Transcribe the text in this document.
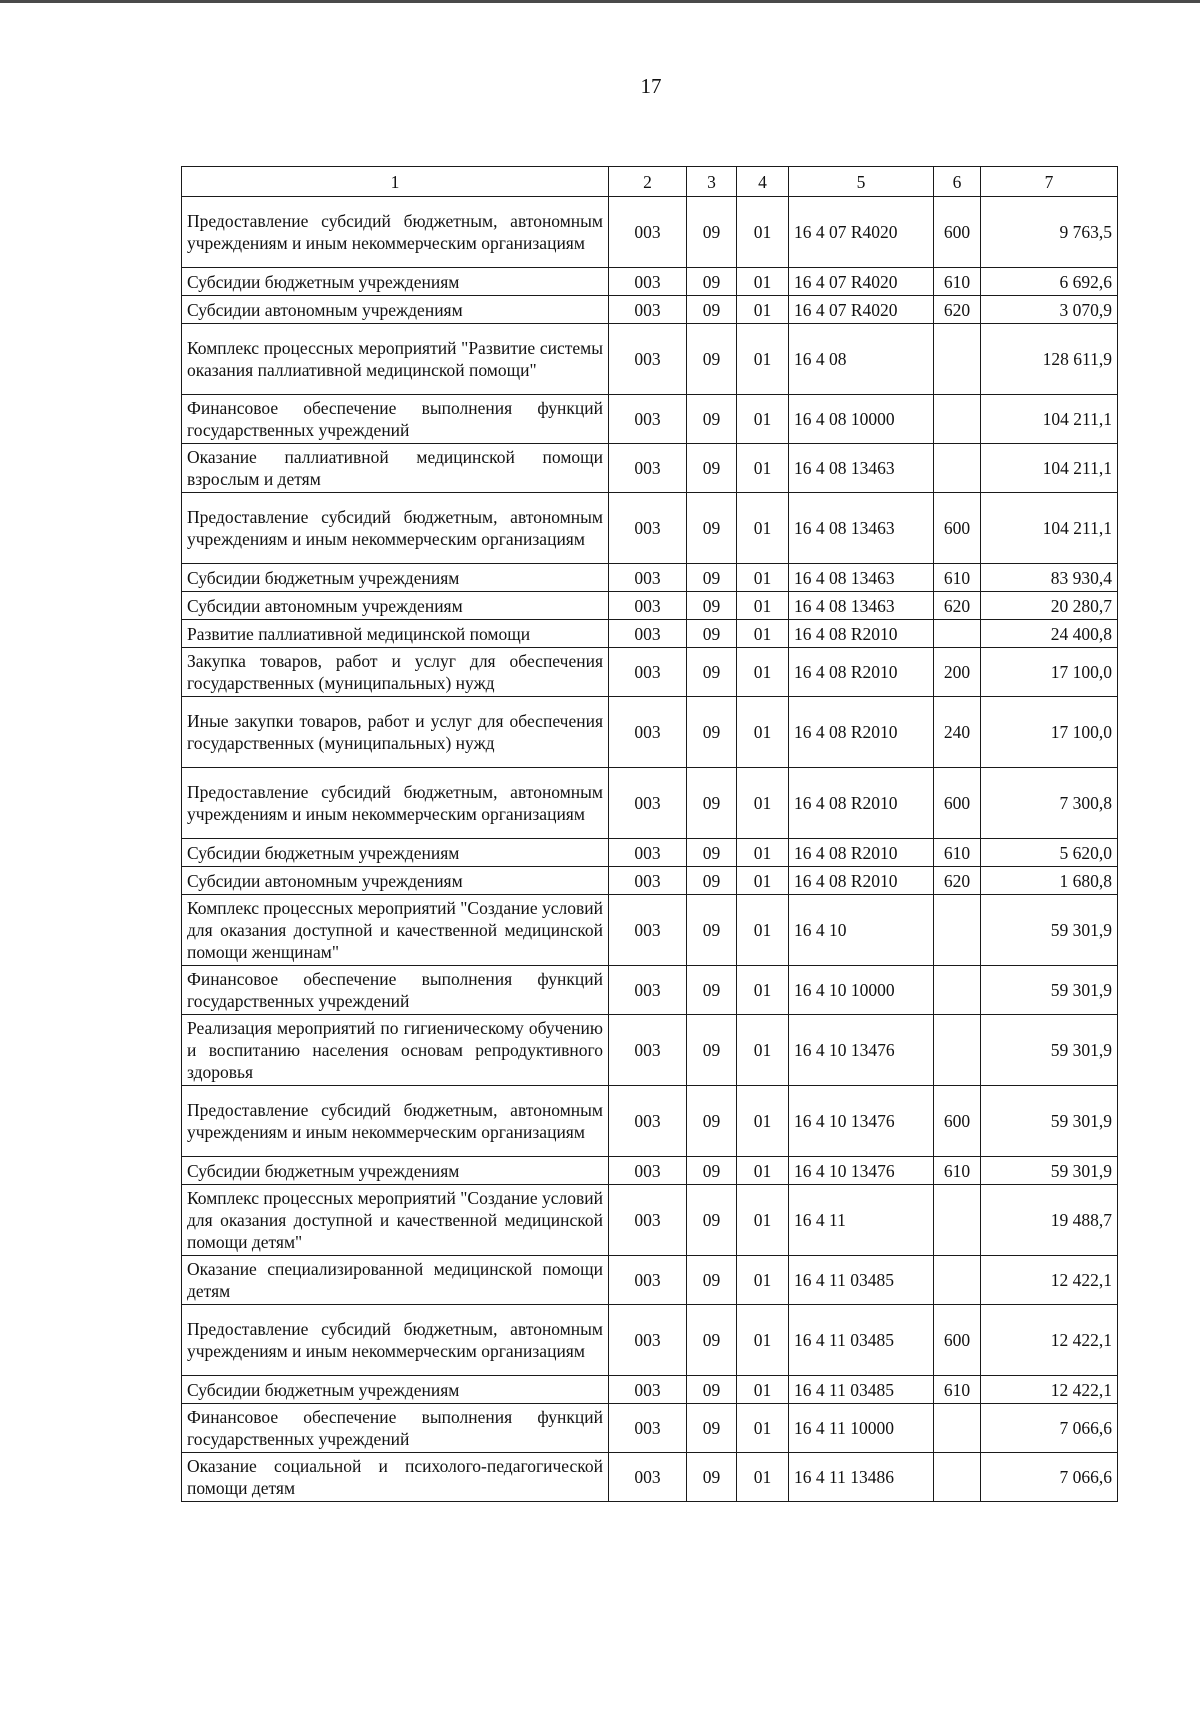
17
1	2	3	4	5	6	7
Предоставление субсидий бюджетным, автономным учреждениям и иным некоммерческим организациям	003	09	01	16 4 07 R4020	600	9 763,5
Субсидии бюджетным учреждениям	003	09	01	16 4 07 R4020	610	6 692,6
Субсидии автономным учреждениям	003	09	01	16 4 07 R4020	620	3 070,9
Комплекс процессных мероприятий "Развитие системы оказания паллиативной медицинской помощи"	003	09	01	16 4 08		128 611,9
Финансовое обеспечение выполнения функций государственных учреждений	003	09	01	16 4 08 10000		104 211,1
Оказание паллиативной медицинской помощи взрослым и детям	003	09	01	16 4 08 13463		104 211,1
Предоставление субсидий бюджетным, автономным учреждениям и иным некоммерческим организациям	003	09	01	16 4 08 13463	600	104 211,1
Субсидии бюджетным учреждениям	003	09	01	16 4 08 13463	610	83 930,4
Субсидии автономным учреждениям	003	09	01	16 4 08 13463	620	20 280,7
Развитие паллиативной медицинской помощи	003	09	01	16 4 08 R2010		24 400,8
Закупка товаров, работ и услуг для обеспечения государственных (муниципальных) нужд	003	09	01	16 4 08 R2010	200	17 100,0
Иные закупки товаров, работ и услуг для обеспечения государственных (муниципальных) нужд	003	09	01	16 4 08 R2010	240	17 100,0
Предоставление субсидий бюджетным, автономным учреждениям и иным некоммерческим организациям	003	09	01	16 4 08 R2010	600	7 300,8
Субсидии бюджетным учреждениям	003	09	01	16 4 08 R2010	610	5 620,0
Субсидии автономным учреждениям	003	09	01	16 4 08 R2010	620	1 680,8
Комплекс процессных мероприятий "Создание условий для оказания доступной и качественной медицинской помощи женщинам"	003	09	01	16 4 10		59 301,9
Финансовое обеспечение выполнения функций государственных учреждений	003	09	01	16 4 10 10000		59 301,9
Реализация мероприятий по гигиеническому обучению и воспитанию населения основам репродуктивного здоровья	003	09	01	16 4 10 13476		59 301,9
Предоставление субсидий бюджетным, автономным учреждениям и иным некоммерческим организациям	003	09	01	16 4 10 13476	600	59 301,9
Субсидии бюджетным учреждениям	003	09	01	16 4 10 13476	610	59 301,9
Комплекс процессных мероприятий "Создание условий для оказания доступной и качественной медицинской помощи детям"	003	09	01	16 4 11		19 488,7
Оказание специализированной медицинской помощи детям	003	09	01	16 4 11 03485		12 422,1
Предоставление субсидий бюджетным, автономным учреждениям и иным некоммерческим организациям	003	09	01	16 4 11 03485	600	12 422,1
Субсидии бюджетным учреждениям	003	09	01	16 4 11 03485	610	12 422,1
Финансовое обеспечение выполнения функций государственных учреждений	003	09	01	16 4 11 10000		7 066,6
Оказание социальной и психолого-педагогической помощи детям	003	09	01	16 4 11 13486		7 066,6
